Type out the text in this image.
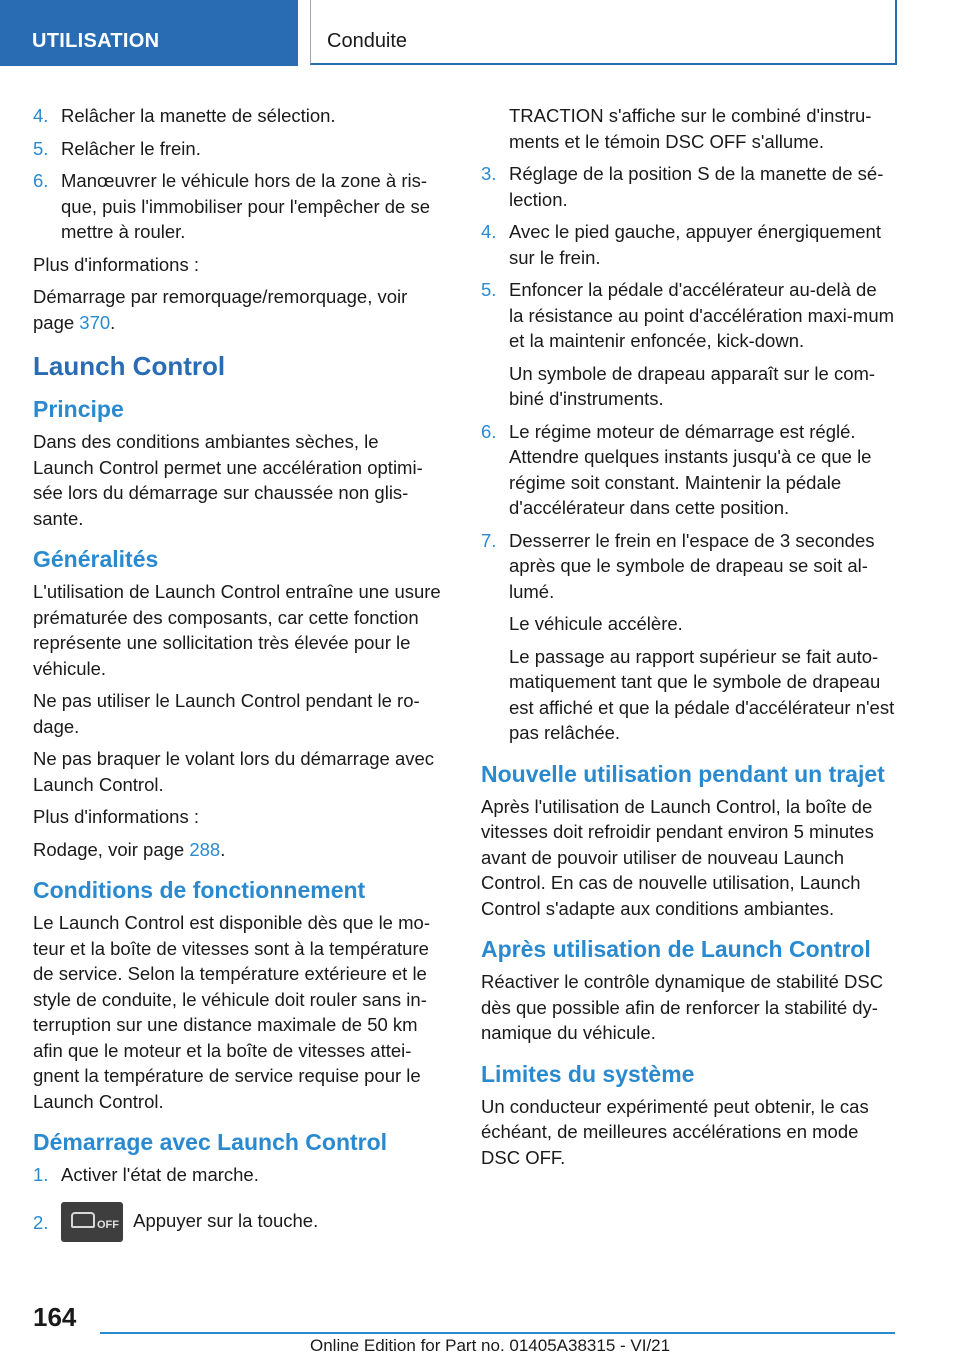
UTILISATION	Conduite
4. Relâcher la manette de sélection.
5. Relâcher le frein.
6. Manœuvrer le véhicule hors de la zone à ris-que, puis l'immobiliser pour l'empêcher de se mettre à rouler.

Plus d'informations :

Démarrage par remorquage/remorquage, voir page 370.

Launch Control
Principe

Dans des conditions ambiantes sèches, le Launch Control permet une accélération optimi-sée lors du démarrage sur chaussée non glis-sante.

Généralités

L'utilisation de Launch Control entraîne une usure prématurée des composants, car cette fonction représente une sollicitation très élevée pour le véhicule.

Ne pas utiliser le Launch Control pendant le ro-dage.

Ne pas braquer le volant lors du démarrage avec Launch Control.

Plus d'informations :

Rodage, voir page 288.

Conditions de fonctionnement

Le Launch Control est disponible dès que le mo-teur et la boîte de vitesses sont à la température de service. Selon la température extérieure et le style de conduite, le véhicule doit rouler sans in-terruption sur une distance maximale de 50 km afin que le moteur et la boîte de vitesses attei-gnent la température de service requise pour le Launch Control.

Démarrage avec Launch Control
1. Activer l'état de marche.
2.	OFF Appuyer sur la touche.

TRACTION s'affiche sur le combiné d'instru-ments et le témoin DSC OFF s'allume.

3. Réglage de la position S de la manette de sé-lection.
4. Avec le pied gauche, appuyer énergiquement sur le frein.
5. Enfoncer la pédale d'accélérateur au-delà de la résistance au point d'accélération maxi-mum et la maintenir enfoncée, kick-down.

Un symbole de drapeau apparaît sur le com-biné d'instruments.

6. Le régime moteur de démarrage est réglé. Attendre quelques instants jusqu'à ce que le régime soit constant. Maintenir la pédale d'accélérateur dans cette position.
7. Desserrer le frein en l'espace de 3 secondes après que le symbole de drapeau se soit al-lumé.

Le véhicule accélère.

Le passage au rapport supérieur se fait auto-matiquement tant que le symbole de drapeau est affiché et que la pédale d'accélérateur n'est pas relâchée.

Nouvelle utilisation pendant un trajet

Après l'utilisation de Launch Control, la boîte de vitesses doit refroidir pendant environ 5 minutes avant de pouvoir utiliser de nouveau Launch Control. En cas de nouvelle utilisation, Launch Control s'adapte aux conditions ambiantes.

Après utilisation de Launch Control

Réactiver le contrôle dynamique de stabilité DSC dès que possible afin de renforcer la stabilité dy-namique du véhicule.

Limites du système

Un conducteur expérimenté peut obtenir, le cas échéant, de meilleures accélérations en mode DSC OFF.

164
Online Edition for Part no. 01405A38315 - VI/21
